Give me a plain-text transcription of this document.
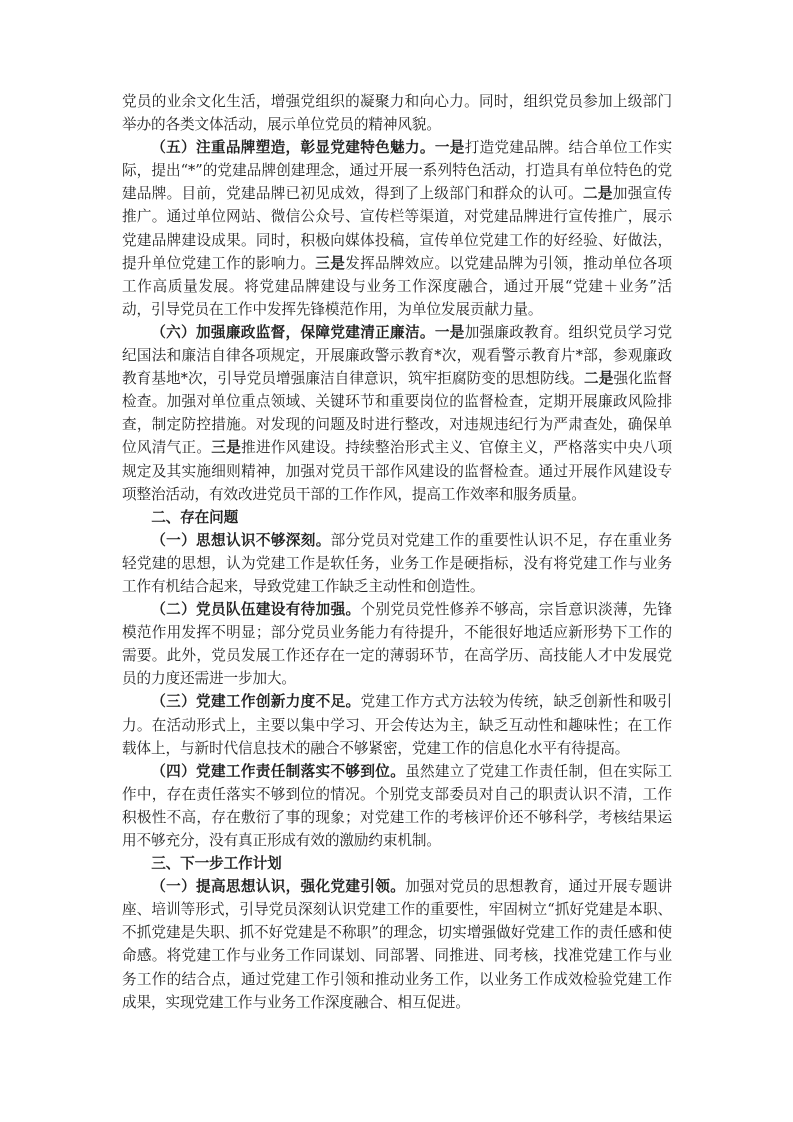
党员的业余文化生活，增强党组织的凝聚力和向心力。同时，组织党员参加上级部门举办的各类文体活动，展示单位党员的精神风貌。

（五）注重品牌塑造，彰显党建特色魅力。一是打造党建品牌。结合单位工作实际，提出“*”的党建品牌创建理念，通过开展一系列特色活动，打造具有单位特色的党建品牌。目前，党建品牌已初见成效，得到了上级部门和群众的认可。二是加强宣传推广。通过单位网站、微信公众号、宣传栏等渠道，对党建品牌进行宣传推广，展示党建品牌建设成果。同时，积极向媒体投稿，宣传单位党建工作的好经验、好做法，提升单位党建工作的影响力。三是发挥品牌效应。以党建品牌为引领，推动单位各项工作高质量发展。将党建品牌建设与业务工作深度融合，通过开展“党建＋业务”活动，引导党员在工作中发挥先锋模范作用，为单位发展贡献力量。

（六）加强廉政监督，保障党建清正廉洁。一是加强廉政教育。组织党员学习党纪国法和廉洁自律各项规定，开展廉政警示教育*次，观看警示教育片*部，参观廉政教育基地*次，引导党员增强廉洁自律意识，筑牢拒腐防变的思想防线。二是强化监督检查。加强对单位重点领域、关键环节和重要岗位的监督检查，定期开展廉政风险排查，制定防控措施。对发现的问题及时进行整改，对违规违纪行为严肃查处，确保单位风清气正。三是推进作风建设。持续整治形式主义、官僚主义，严格落实中央八项规定及其实施细则精神，加强对党员干部作风建设的监督检查。通过开展作风建设专项整治活动，有效改进党员干部的工作作风，提高工作效率和服务质量。

二、存在问题

（一）思想认识不够深刻。部分党员对党建工作的重要性认识不足，存在重业务轻党建的思想，认为党建工作是软任务，业务工作是硬指标，没有将党建工作与业务工作有机结合起来，导致党建工作缺乏主动性和创造性。

（二）党员队伍建设有待加强。个别党员党性修养不够高，宗旨意识淡薄，先锋模范作用发挥不明显；部分党员业务能力有待提升，不能很好地适应新形势下工作的需要。此外，党员发展工作还存在一定的薄弱环节，在高学历、高技能人才中发展党员的力度还需进一步加大。

（三）党建工作创新力度不足。党建工作方式方法较为传统，缺乏创新性和吸引力。在活动形式上，主要以集中学习、开会传达为主，缺乏互动性和趣味性；在工作载体上，与新时代信息技术的融合不够紧密，党建工作的信息化水平有待提高。

（四）党建工作责任制落实不够到位。虽然建立了党建工作责任制，但在实际工作中，存在责任落实不够到位的情况。个别党支部委员对自己的职责认识不清，工作积极性不高，存在敷衍了事的现象；对党建工作的考核评价还不够科学，考核结果运用不够充分，没有真正形成有效的激励约束机制。

三、下一步工作计划

（一）提高思想认识，强化党建引领。加强对党员的思想教育，通过开展专题讲座、培训等形式，引导党员深刻认识党建工作的重要性，牢固树立“抓好党建是本职、不抓党建是失职、抓不好党建是不称职”的理念，切实增强做好党建工作的责任感和使命感。将党建工作与业务工作同谋划、同部署、同推进、同考核，找准党建工作与业务工作的结合点，通过党建工作引领和推动业务工作，以业务工作成效检验党建工作成果，实现党建工作与业务工作深度融合、相互促进。
